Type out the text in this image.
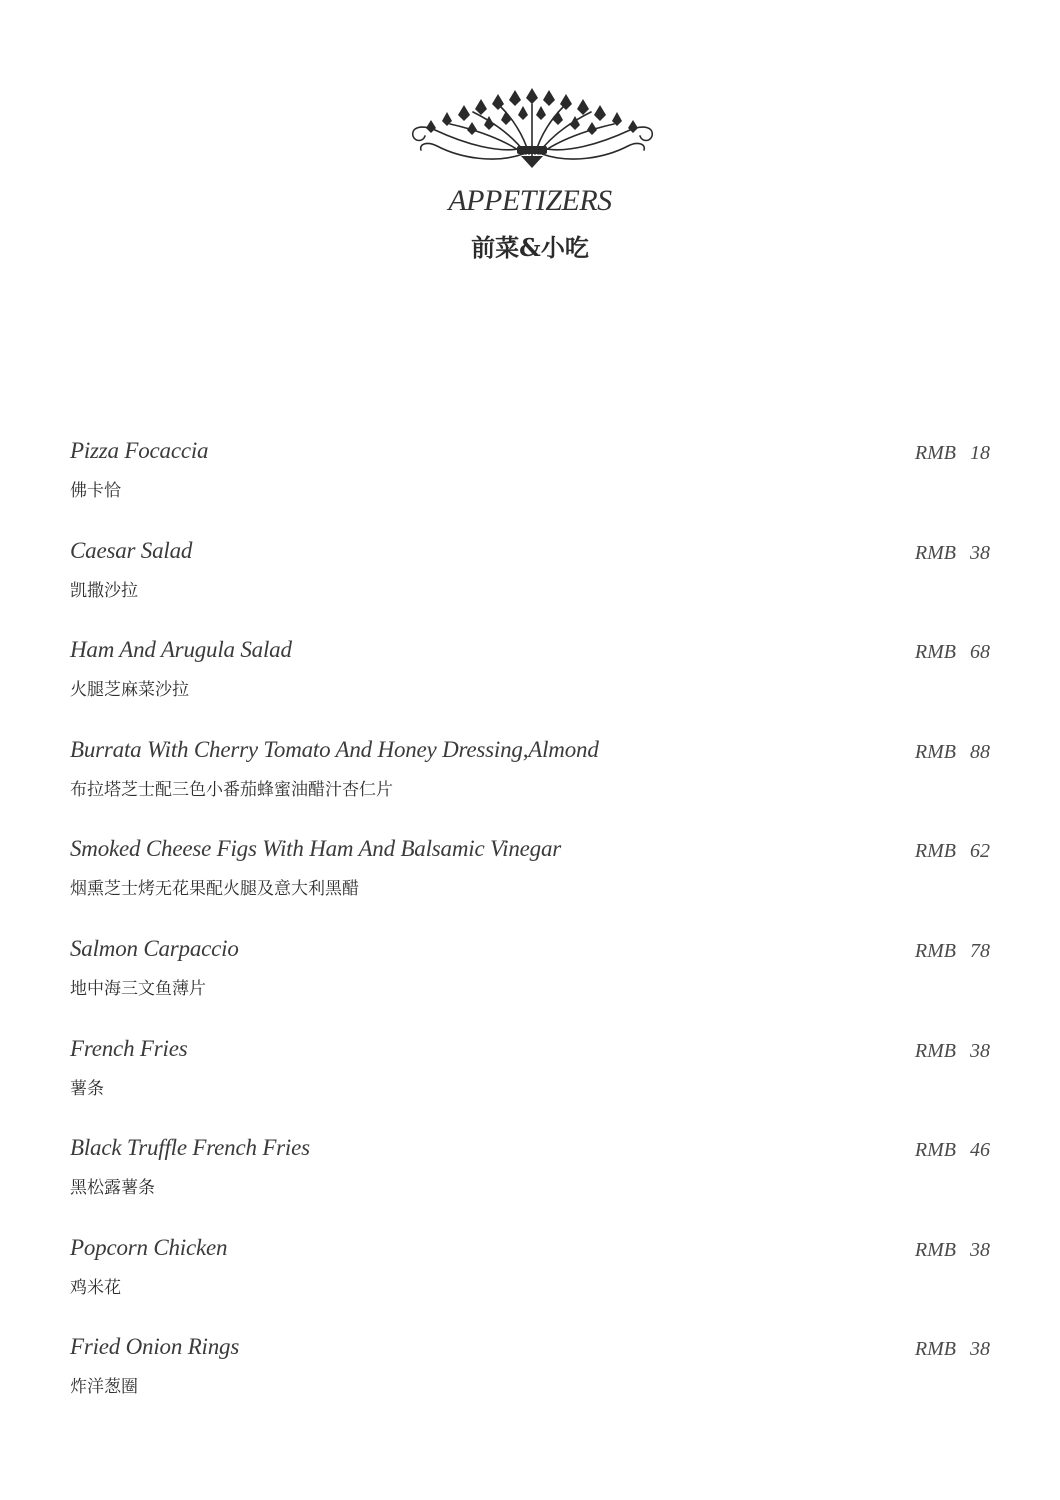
APPETIZERS
前菜&小吃
Pizza Focaccia
佛卡恰
RMB 18
Caesar Salad
凯撒沙拉
RMB 38
Ham And Arugula Salad
火腿芝麻菜沙拉
RMB 68
Burrata With Cherry Tomato And Honey Dressing,Almond
布拉塔芝士配三色小番茄蜂蜜油醋汁杏仁片
RMB 88
Smoked Cheese Figs With Ham And Balsamic Vinegar
烟熏芝士烤无花果配火腿及意大利黑醋
RMB 62
Salmon Carpaccio
地中海三文鱼薄片
RMB 78
French Fries
薯条
RMB 38
Black Truffle French Fries
黑松露薯条
RMB 46
Popcorn Chicken
鸡米花
RMB 38
Fried Onion Rings
炸洋葱圈
RMB 38
